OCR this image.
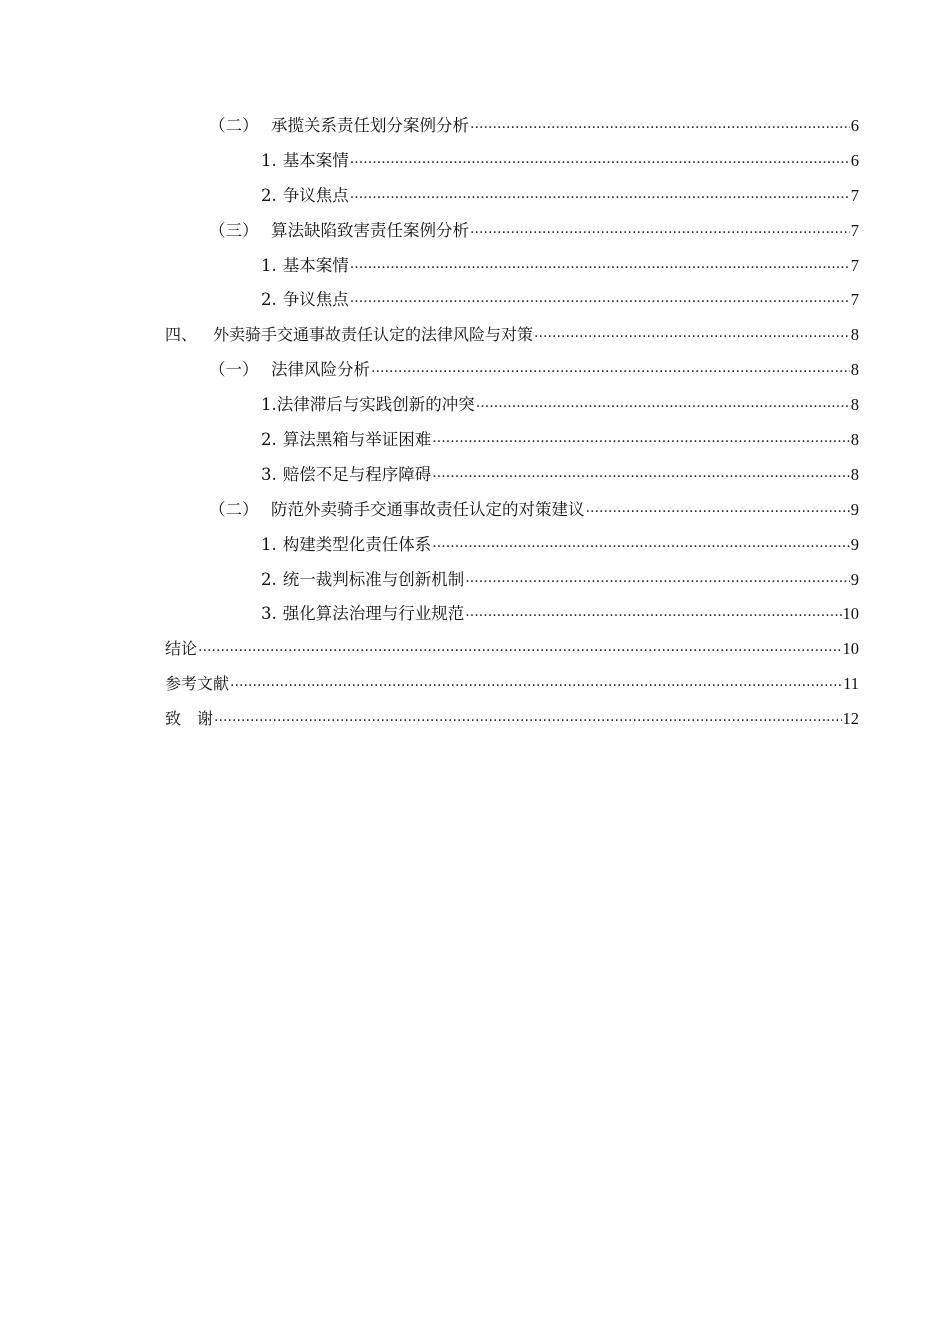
（二） 承揽关系责任划分案例分析 . . .	6
1. 基本案情 . . .	6
2. 争议焦点 . . .	7
（三） 算法缺陷致害责任案例分析 . . .	7
1. 基本案情 . . .	7
2. 争议焦点 . . .	7
四、 外卖骑手交通事故责任认定的法律风险与对策 . . .	8
（一） 法律风险分析 . . .	8
1.法律滞后与实践创新的冲突 . . .	8
2. 算法黑箱与举证困难 . . .	8
3. 赔偿不足与程序障碍 . . .	8
（二） 防范外卖骑手交通事故责任认定的对策建议 . . .	9
1. 构建类型化责任体系 . . .	9
2. 统一裁判标准与创新机制 . . .	9
3. 强化算法治理与行业规范 . . .	10
结论 . . .	10
参考文献 . . .	11
致　谢 . . .	12
